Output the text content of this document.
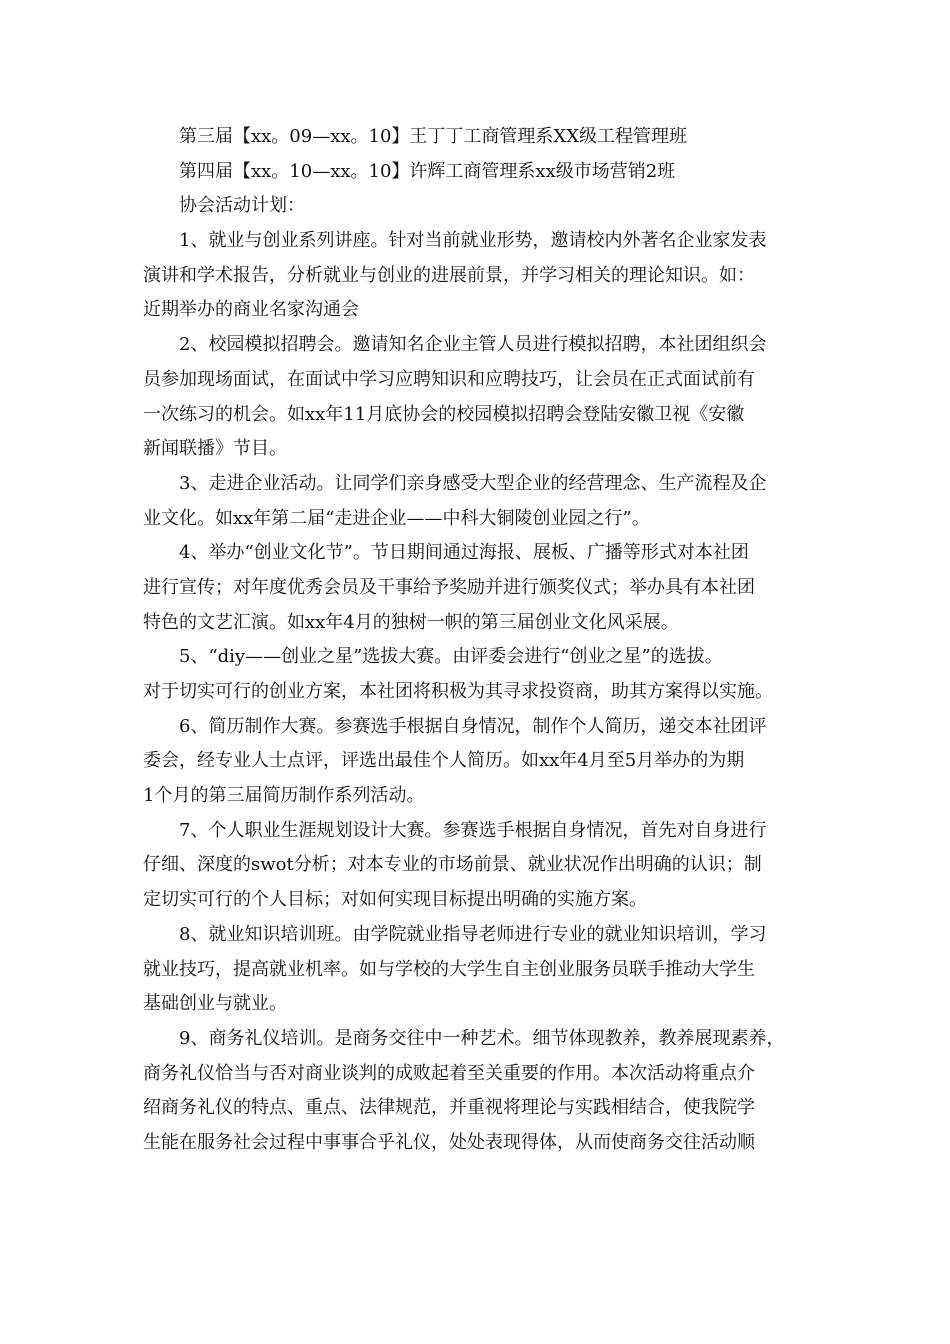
第三届【xx。09—xx。10】王丁丁工商管理系XX级工程管理班
第四届【xx。10—xx。10】许辉工商管理系xx级市场营销2班
协会活动计划：
1、就业与创业系列讲座。针对当前就业形势，邀请校内外著名企业家发表
演讲和学术报告，分析就业与创业的进展前景，并学习相关的理论知识。如：
近期举办的商业名家沟通会
2、校园模拟招聘会。邀请知名企业主管人员进行模拟招聘，本社团组织会
员参加现场面试，在面试中学习应聘知识和应聘技巧，让会员在正式面试前有
一次练习的机会。如xx年11月底协会的校园模拟招聘会登陆安徽卫视《安徽
新闻联播》节目。
3、走进企业活动。让同学们亲身感受大型企业的经营理念、生产流程及企
业文化。如xx年第二届“走进企业——中科大铜陵创业园之行”。
4、举办“创业文化节”。节日期间通过海报、展板、广播等形式对本社团
进行宣传；对年度优秀会员及干事给予奖励并进行颁奖仪式；举办具有本社团
特色的文艺汇演。如xx年4月的独树一帜的第三届创业文化风采展。
5、“diy——创业之星”选拔大赛。由评委会进行“创业之星”的选拔。
对于切实可行的创业方案，本社团将积极为其寻求投资商，助其方案得以实施。
6、简历制作大赛。参赛选手根据自身情况，制作个人简历，递交本社团评
委会，经专业人士点评，评选出最佳个人简历。如xx年4月至5月举办的为期
1个月的第三届简历制作系列活动。
7、个人职业生涯规划设计大赛。参赛选手根据自身情况，首先对自身进行
仔细、深度的swot分析；对本专业的市场前景、就业状况作出明确的认识；制
定切实可行的个人目标；对如何实现目标提出明确的实施方案。
8、就业知识培训班。由学院就业指导老师进行专业的就业知识培训，学习
就业技巧，提高就业机率。如与学校的大学生自主创业服务员联手推动大学生
基础创业与就业。
9、商务礼仪培训。是商务交往中一种艺术。细节体现教养，教养展现素养，
商务礼仪恰当与否对商业谈判的成败起着至关重要的作用。本次活动将重点介
绍商务礼仪的特点、重点、法律规范，并重视将理论与实践相结合，使我院学
生能在服务社会过程中事事合乎礼仪，处处表现得体，从而使商务交往活动顺
